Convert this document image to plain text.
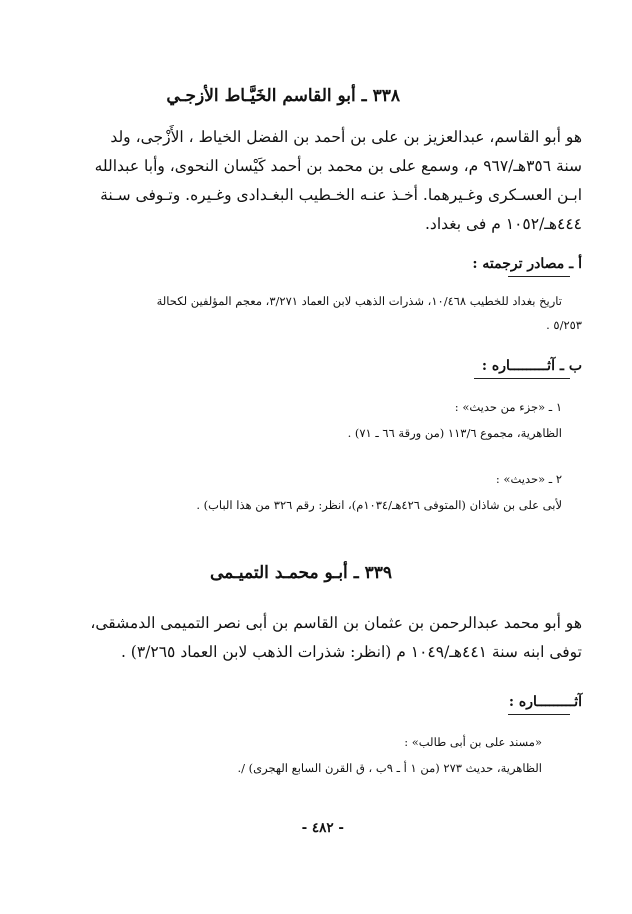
٣٣٨ ـ أبو القاسم الخَيَّـاط الأزجـي
هو أبو القاسم، عبدالعزيز بن على بن أحمد بن الفضل الخياط ، الأَزْجى، ولد
سنة ٣٥٦هـ/٩٦٧ م، وسمع على بن محمد بن أحمد كَيْسان النحوى، وأبا عبدالله
ابـن العسـكرى وغـيرهما. أخـذ عنـه الخـطيب البغـدادى وغـيره. وتـوفى سـنة
٤٤٤هـ/١٠٥٢ م فى بغداد.
أ ـ مصادر ترجمته :
تاريخ بغداد للخطيب ١٠/٤٦٨، شذرات الذهب لابن العماد ٣/٢٧١، معجم المؤلفين لكحالة
٥/٢٥٣ .
ب ـ آثـــــــــاره :
١ ـ «جزء من حديث» :
الظاهرية، مجموع ١١٣/٦ (من ورقة ٦٦ ـ ٧١) .
٢ ـ «حديث» :
لأبى على بن شاذان (المتوفى ٤٢٦هـ/١٠٣٤م)، انظر: رقم ٣٢٦ من هذا الباب) .
٣٣٩ ـ أبـو محمـد التميـمى
هو أبو محمد عبدالرحمن بن عثمان بن القاسم بن أبى نصر التميمى الدمشقى،
توفى ابنه سنة ٤٤١هـ/١٠٤٩ م (انظر: شذرات الذهب لابن العماد ٣/٢٦٥) .
آثـــــــــاره :
«مسند على بن أبى طالب» :
الظاهرية، حديث ٢٧٣ (من ١ أ ـ ٩ب ، ق القرن السابع الهجرى) /.
- ٤٨٢ -
